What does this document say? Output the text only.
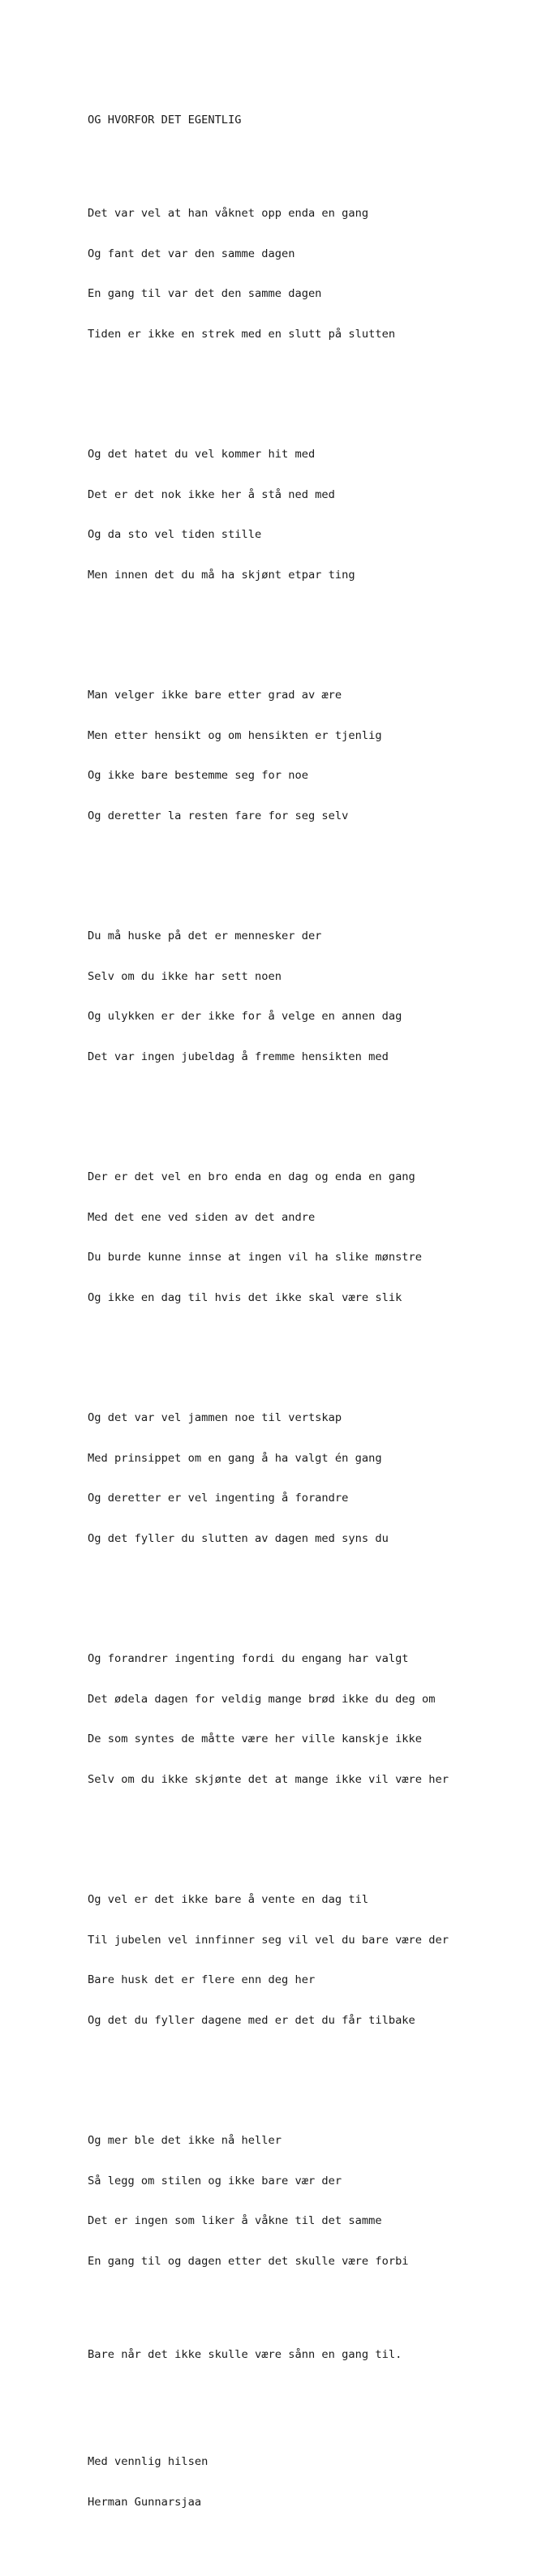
OG HVORFOR DET EGENTLIG

Det var vel at han våknet opp enda en gang

Og fant det var den samme dagen

En gang til var det den samme dagen

Tiden er ikke en strek med en slutt på slutten

Og det hatet du vel kommer hit med

Det er det nok ikke her å stå ned med

Og da sto vel tiden stille

Men innen det du må ha skjønt etpar ting

Man velger ikke bare etter grad av ære

Men etter hensikt og om hensikten er tjenlig

Og ikke bare bestemme seg for noe

Og deretter la resten fare for seg selv

Du må huske på det er mennesker der

Selv om du ikke har sett noen

Og ulykken er der ikke for å velge en annen dag

Det var ingen jubeldag å fremme hensikten med

Der er det vel en bro enda en dag og enda en gang

Med det ene ved siden av det andre

Du burde kunne innse at ingen vil ha slike mønstre

Og ikke en dag til hvis det ikke skal være slik

Og det var vel jammen noe til vertskap

Med prinsippet om en gang å ha valgt én gang

Og deretter er vel ingenting å forandre

Og det fyller du slutten av dagen med syns du

Og forandrer ingenting fordi du engang har valgt

Det ødela dagen for veldig mange brød ikke du deg om

De som syntes de måtte være her ville kanskje ikke

Selv om du ikke skjønte det at mange ikke vil være her

Og vel er det ikke bare å vente en dag til

Til jubelen vel innfinner seg vil vel du bare være der

Bare husk det er flere enn deg her

Og det du fyller dagene med er det du får tilbake

Og mer ble det ikke nå heller

Så legg om stilen og ikke bare vær der

Det er ingen som liker å våkne til det samme

En gang til og dagen etter det skulle være forbi

Bare når det ikke skulle være sånn en gang til.

Med vennlig hilsen

Herman Gunnarsjaa
